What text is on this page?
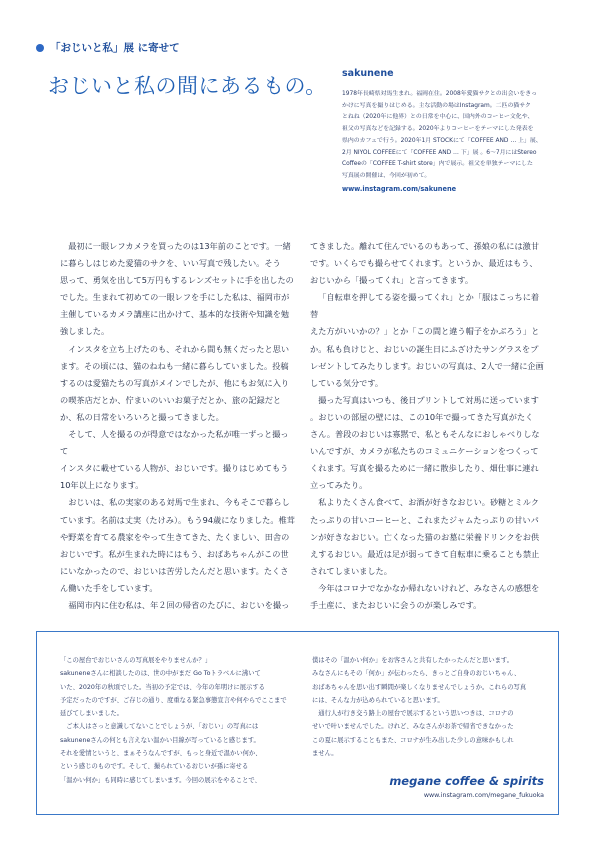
「おじいと私」展 に寄せて
おじいと私の間にあるもの。
sakunene
1978年長崎県対馬生まれ。福岡在住。2008年愛猫サクとの出会いをきっ
かけに写真を撮りはじめる。主な活動の場はInstagram。二匹の猫サク
とねね（2020年に他界）との日常を中心に、国内外のコーヒー文化や、
祖父の写真などを記録する。2020年よりコーヒーをテーマにした発表を
県内のカフェで行う。2020年1月 STOCKにて「COFFEE AND … 上」展、
2月 NIYOL COFFEEにて「COFFEE AND … 下」展 。6〜7月にはStereo
Coffeeの「COFFEE T-shirt store」内で展示。祖父を単独テーマにした
写真展の開催は、今回が初めて。
www.instagram.com/sakunene

最初に一眼レフカメラを買ったのは13年前のことです。一緒
に暮らしはじめた愛猫のサクを、いい写真で残したい。そう
思って、勇気を出して5万円もするレンズセットに手を出したの
でした。生まれて初めての一眼レフを手にした私は、福岡市が
主催しているカメラ講座に出かけて、基本的な技術や知識を勉
強しました。

インスタを立ち上げたのも、それから間も無くだったと思い
ます。その頃には、猫のねねも一緒に暮らしていました。投稿
するのは愛猫たちの写真がメインでしたが、他にもお気に入り
の喫茶店だとか、佇まいのいいお菓子だとか、旅の記録だと
か、私の日常をいろいろと撮ってきました。

そして、人を撮るのが得意ではなかった私が唯一ずっと撮って
インスタに載せている人物が、おじいです。撮りはじめてもう
10年以上になります。

おじいは、私の実家のある対馬で生まれ、今もそこで暮らし
ています。名前は丈実（たけみ）。もう94歳になりました。椎茸
や野菜を育てる農家をやって生きてきた、たくましい、田舎の
おじいです。私が生まれた時にはもう、おばあちゃんがこの世
にいなかったので、おじいは苦労したんだと思います。たくさ
ん働いた手をしています。

福岡市内に住む私は、年２回の帰省のたびに、おじいを撮っ

てきました。離れて住んでいるのもあって、孫娘の私には激甘
です。いくらでも撮らせてくれます。というか、最近はもう、
おじいから「撮ってくれ」と言ってきます。

「自転車を押してる姿を撮ってくれ」とか「服はこっちに着替
えた方がいいかの？」とか「この間と違う帽子をかぶろう」と
か。私も負けじと、おじいの誕生日にふざけたサングラスをプ
レゼントしてみたりします。おじいの写真は、2人で一緒に企画
している気分です。

撮った写真はいつも、後日プリントして対馬に送っています
。おじいの部屋の壁には、この10年で撮ってきた写真がたく
さん。普段のおじいは寡黙で、私ともそんなにおしゃべりしな
いんですが、カメラが私たちのコミュニケーションをつくって
くれます。写真を撮るために一緒に散歩したり、畑仕事に連れ
立ってみたり。

私よりたくさん食べて、お酒が好きなおじい。砂糖とミルク
たっぷりの甘いコーヒーと、これまたジャムたっぷりの甘いパ
ンが好きなおじい。亡くなった猫のお墓に栄養ドリンクをお供
えするおじい。最近は足が弱ってきて自転車に乗ることも禁止
されてしまいました。

今年はコロナでなかなか帰れないけれど、みなさんの感想を
手土産に、またおじいに会うのが楽しみです。

「この屋台でおじいさんの写真展をやりませんか？」

sakuneneさんに相談したのは、世の中がまだ Go Toトラベルに沸いて
いた、2020年の秋頃でした。当初の予定では、今年の年明けに展示する
予定だったのですが、ご存じの通り、度重なる緊急事態宣言や何やらでここまで
延びてしまいました。

ご本人はさっと意識してないことでしょうが、「おじい」の写真には
sakuneneさんの何とも言えない温かい目線が写っていると感じます。
それを愛情というと、まぁそうなんですが、もっと身近で温かい何か、
という感じのものです。そして、撮られているおじいが孫に寄せる
「温かい何か」も同時に感じてしまいます。今回の展示をやることで、

僕はその「温かい何か」をお客さんと共有したかったんだと思います。
みなさんにもその「何か」が伝わったら、きっとご自身のおじいちゃん、
おばあちゃんを思い出す瞬間が楽しくなりませんでしょうか。これらの写真
には、そんな力が込められていると思います。

通行人が行き交う路上の屋台で展示するという思いつきは、コロナの
せいで叶いませんでした。けれど、みなさんがお茶で帰省できなかった
この夏に展示することもまた、コロナが生み出した少しの意味かもしれ
ません。

megane coffee & spirits
www.instagram.com/megane_fukuoka
